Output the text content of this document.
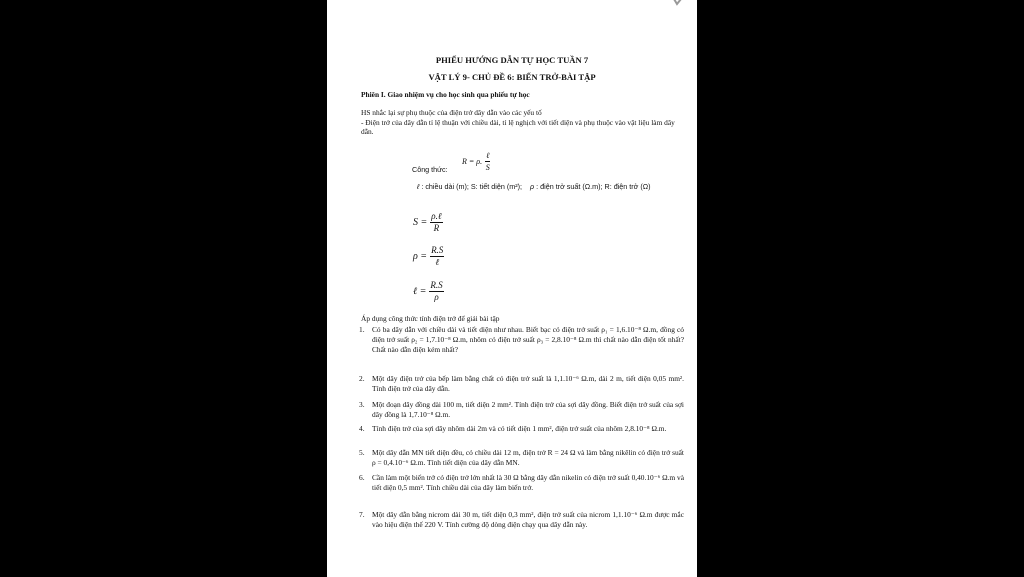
PHIẾU HƯỚNG DẪN TỰ HỌC TUẦN 7
VẬT LÝ 9- CHỦ ĐỀ 6: BIẾN TRỞ-BÀI TẬP
Phiên I. Giao nhiệm vụ cho học sinh qua phiếu tự học
HS nhắc lại sự phụ thuộc của điện trở dây dẫn vào các yếu tố
- Điện trở của dây dẫn tỉ lệ thuận với chiều dài, tỉ lệ nghịch với tiết diện và phụ thuộc vào vật liệu làm dây dẫn.
Công thức:
R = ρ. $\frac{\text{ℓ}}{S}$
ℓ : chiều dài (m); S: tiết diện (m²); ρ : điện trở suất (Ω.m); R: điện trở (Ω)
$S = \frac{\text{ρ.ℓ}}{R}$
$\rho = \frac{R.S}{\text{ℓ}}$
ℓ = $\frac{R.S}{\rho}$
Áp dụng công thức tính điện trở để giải bài tập
1. Có ba dây dẫn với chiều dài và tiết diện như nhau. Biết bạc có điện trở suất ρ₁ = 1,6.10⁻⁸ Ω.m, đồng có điện trở suất ρ₂ = 1,7.10⁻⁸ Ω.m, nhôm có điện trở suất ρ₃ = 2,8.10⁻⁸ Ω.m thì chất nào dẫn điện tốt nhất? Chất nào dẫn điện kém nhất?
2. Một dây điện trở của bếp làm bằng chất có điện trở suất là 1,1.10⁻⁶ Ω.m, dài 2 m, tiết diện 0,05 mm². Tính điện trở của dây dẫn.
3. Một đoạn dây đồng dài 100 m, tiết diện 2 mm². Tính điện trở của sợi dây đồng. Biết điện trở suất của sợi dây đồng là 1,7.10⁻⁸ Ω.m.
4. Tính điện trở của sợi dây nhôm dài 2m và có tiết diện 1 mm², điện trở suất của nhôm 2,8.10⁻⁸ Ω.m.
5. Một dây dẫn MN tiết diện đều, có chiều dài 12 m, điện trở R = 24 Ω và làm bằng nikêlin có điện trở suất ρ = 0,4.10⁻⁶ Ω.m. Tính tiết diện của dây dẫn MN.
6. Cần làm một biến trở có điện trở lớn nhất là 30 Ω bằng dây dẫn nikelin có điện trở suất 0,40.10⁻⁶ Ω.m và tiết diện 0,5 mm². Tính chiều dài của dây làm biến trở.
7. Một dây dẫn bằng nicrom dài 30 m, tiết diện 0,3 mm², điện trở suất của nicrom 1,1.10⁻⁶ Ω.m được mắc vào hiệu điện thế 220 V. Tính cường độ dòng điện chạy qua dây dẫn này.
